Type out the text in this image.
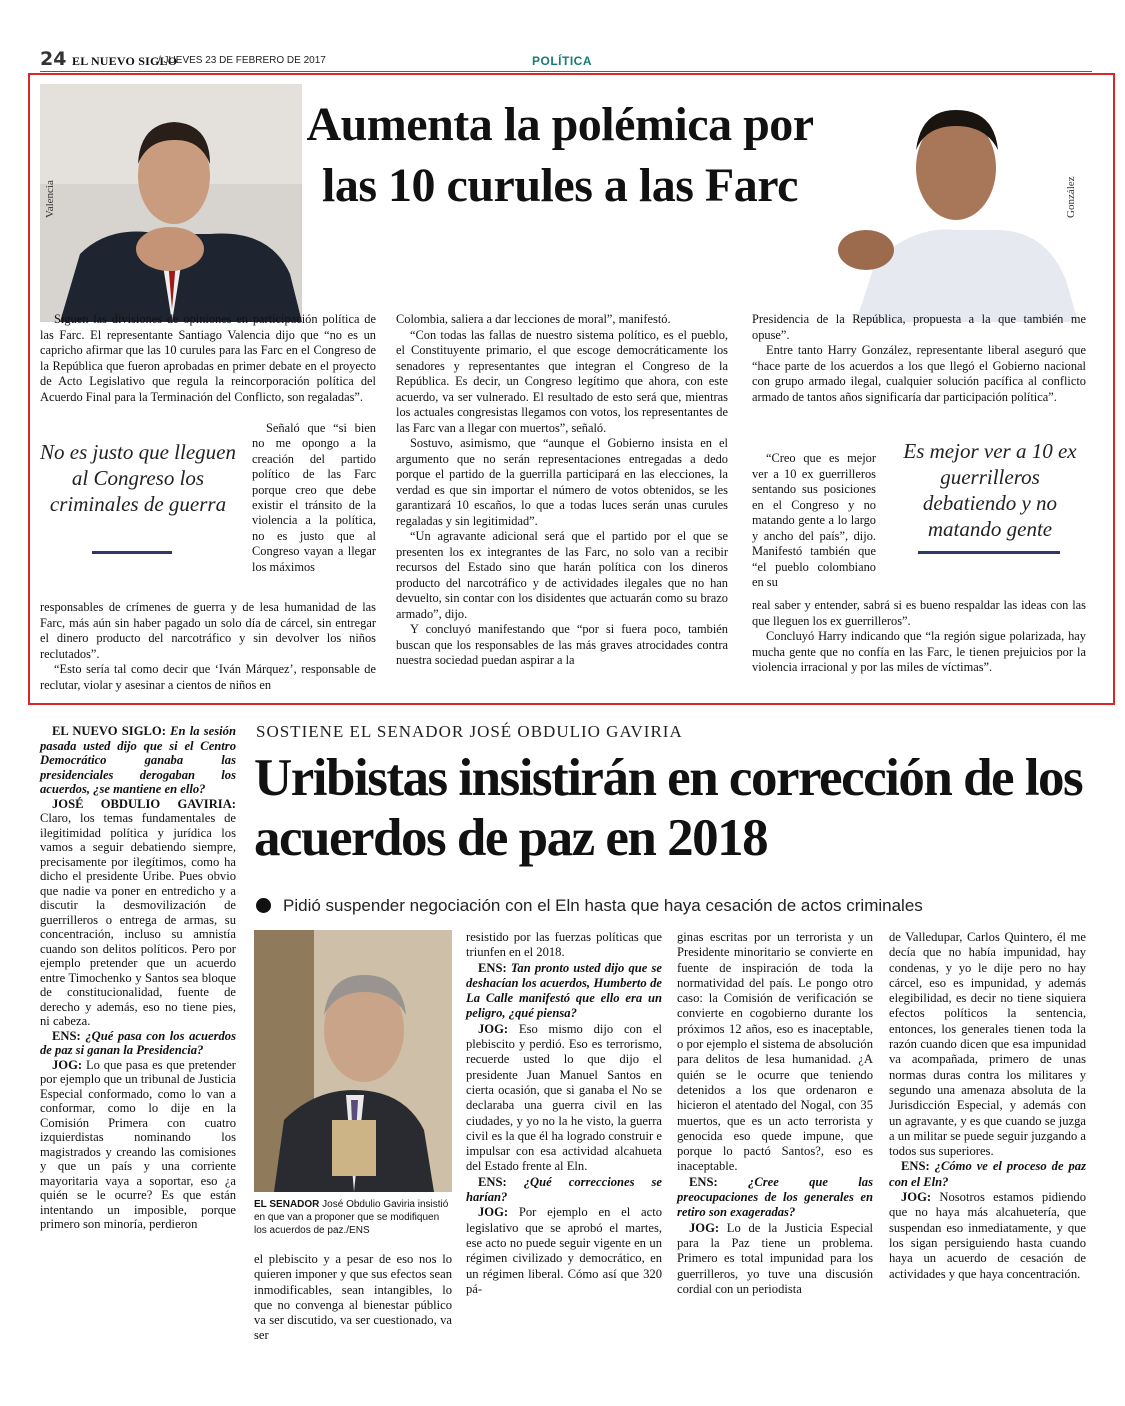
24 EL NUEVO SIGLO
/ JUEVES 23 DE FEBRERO DE 2017	POLÍTICA
Valencia	González
Aumenta la polémica por las 10 curules a las Farc

Siguen las divisiones de opiniones en participación política de las Farc. El representante Santiago Valencia dijo que “no es un capricho afirmar que las 10 curules para las Farc en el Congreso de la República que fueron aprobadas en primer debate en el proyecto de Acto Legislativo que regula la reincorporación política del Acuerdo Final para la Terminación del Conflicto, son regaladas”.

No es justo que lleguen al Congreso los criminales de guerra

Señaló que “si bien no me opongo a la creación del partido político de las Farc porque creo que debe existir el tránsito de la violencia a la política, no es justo que al Congreso vayan a llegar los máximos

responsables de crímenes de guerra y de lesa humanidad de las Farc, más aún sin haber pagado un solo día de cárcel, sin entregar el dinero producto del narcotráfico y sin devolver los niños reclutados”.

“Esto sería tal como decir que ‘Iván Márquez’, responsable de reclutar, violar y asesinar a cientos de niños en

Colombia, saliera a dar lecciones de moral”, manifestó.

“Con todas las fallas de nuestro sistema político, es el pueblo, el Constituyente primario, el que escoge democráticamente los senadores y representantes que integran el Congreso de la República. Es decir, un Congreso legítimo que ahora, con este acuerdo, va ser vulnerado. El resultado de esto será que, mientras los actuales congresistas llegamos con votos, los representantes de las Farc van a llegar con muertos”, señaló.

Sostuvo, asimismo, que “aunque el Gobierno insista en el argumento que no serán representaciones entregadas a dedo porque el partido de la guerrilla participará en las elecciones, la verdad es que sin importar el número de votos obtenidos, se les garantizará 10 escaños, lo que a todas luces serán unas curules regaladas y sin legitimidad”.

“Un agravante adicional será que el partido por el que se presenten los ex integrantes de las Farc, no solo van a recibir recursos del Estado sino que harán política con los dineros producto del narcotráfico y de actividades ilegales que no han devuelto, sin contar con los disidentes que actuarán como su brazo armado”, dijo.

Y concluyó manifestando que “por si fuera poco, también buscan que los responsables de las más graves atrocidades contra nuestra sociedad puedan aspirar a la

Presidencia de la República, propuesta a la que también me opuse”.

Entre tanto Harry González, representante liberal aseguró que “hace parte de los acuerdos a los que llegó el Gobierno nacional con grupo armado ilegal, cualquier solución pacífica al conflicto armado de tantos años significaría dar participación política”.

“Creo que es mejor ver a 10 ex guerrilleros sentando sus posiciones en el Congreso y no matando gente a lo largo y ancho del país”, dijo. Manifestó también que “el pueblo colombiano en su

Es mejor ver a 10 ex guerrilleros debatiendo y no matando gente

real saber y entender, sabrá si es bueno respaldar las ideas con las que lleguen los ex guerrilleros”.

Concluyó Harry indicando que “la región sigue polarizada, hay mucha gente que no confía en las Farc, le tienen prejuicios por la violencia irracional y por las miles de víctimas”.

SOSTIENE EL SENADOR JOSÉ OBDULIO GAVIRIA
Uribistas insistirán en corrección de los acuerdos de paz en 2018
Pidió suspender negociación con el Eln hasta que haya cesación de actos criminales

EL NUEVO SIGLO: En la sesión pasada usted dijo que si el Centro Democrático ganaba las presidenciales derogaban los acuerdos, ¿se mantiene en ello?

JOSÉ OBDULIO GAVIRIA: Claro, los temas fundamentales de ilegitimidad política y jurídica los vamos a seguir debatiendo siempre, precisamente por ilegítimos, como ha dicho el presidente Uribe. Pues obvio que nadie va poner en entredicho y a discutir la desmovilización de guerrilleros o entrega de armas, su concentración, incluso su amnistía cuando son delitos políticos. Pero por ejemplo pretender que un acuerdo entre Timochenko y Santos sea bloque de constitucionalidad, fuente de derecho y además, eso no tiene pies, ni cabeza.

ENS: ¿Qué pasa con los acuerdos de paz si ganan la Presidencia?

JOG: Lo que pasa es que pretender por ejemplo que un tribunal de Justicia Especial conformado, como lo van a conformar, como lo dije en la Comisión Primera con cuatro izquierdistas nominando los magistrados y creando las comisiones y que un país y una corriente mayoritaria vaya a soportar, eso ¿a quién se le ocurre? Es que están intentando un imposible, porque primero son minoría, perdieron

EL SENADOR José Obdulio Gaviria insistió en que van a proponer que se modifiquen los acuerdos de paz./ENS

el plebiscito y a pesar de eso nos lo quieren imponer y que sus efectos sean inmodificables, sean intangibles, lo que no convenga al bienestar público va ser discutido, va ser cuestionado, va ser

resistido por las fuerzas políticas que triunfen en el 2018.

ENS: Tan pronto usted dijo que se deshacían los acuerdos, Humberto de La Calle manifestó que ello era un peligro, ¿qué piensa?

JOG: Eso mismo dijo con el plebiscito y perdió. Eso es terrorismo, recuerde usted lo que dijo el presidente Juan Manuel Santos en cierta ocasión, que si ganaba el No se declaraba una guerra civil en las ciudades, y yo no la he visto, la guerra civil es la que él ha logrado construir e impulsar con esa actividad alcahueta del Estado frente al Eln.

ENS: ¿Qué correcciones se harían?

JOG: Por ejemplo en el acto legislativo que se aprobó el martes, ese acto no puede seguir vigente en un régimen civilizado y democrático, en un régimen liberal. Cómo así que 320 pá-

ginas escritas por un terrorista y un Presidente minoritario se convierte en fuente de inspiración de toda la normatividad del país. Le pongo otro caso: la Comisión de verificación se convierte en cogobierno durante los próximos 12 años, eso es inaceptable, o por ejemplo el sistema de absolución para delitos de lesa humanidad. ¿A quién se le ocurre que teniendo detenidos a los que ordenaron e hicieron el atentado del Nogal, con 35 muertos, que es un acto terrorista y genocida eso quede impune, que porque lo pactó Santos?, eso es inaceptable.

ENS: ¿Cree que las preocupaciones de los generales en retiro son exageradas?

JOG: Lo de la Justicia Especial para la Paz tiene un problema. Primero es total impunidad para los guerrilleros, yo tuve una discusión cordial con un periodista

de Valledupar, Carlos Quintero, él me decía que no había impunidad, hay condenas, y yo le dije pero no hay cárcel, eso es impunidad, y además elegibilidad, es decir no tiene siquiera efectos políticos la sentencia, entonces, los generales tienen toda la razón cuando dicen que esa impunidad va acompañada, primero de unas normas duras contra los militares y segundo una amenaza absoluta de la Jurisdicción Especial, y además con un agravante, y es que cuando se juzga a un militar se puede seguir juzgando a todos sus superiores.

ENS: ¿Cómo ve el proceso de paz con el Eln?

JOG: Nosotros estamos pidiendo que no haya más alcahuetería, que suspendan eso inmediatamente, y que los sigan persiguiendo hasta cuando haya un acuerdo de cesación de actividades y que haya concentración.
